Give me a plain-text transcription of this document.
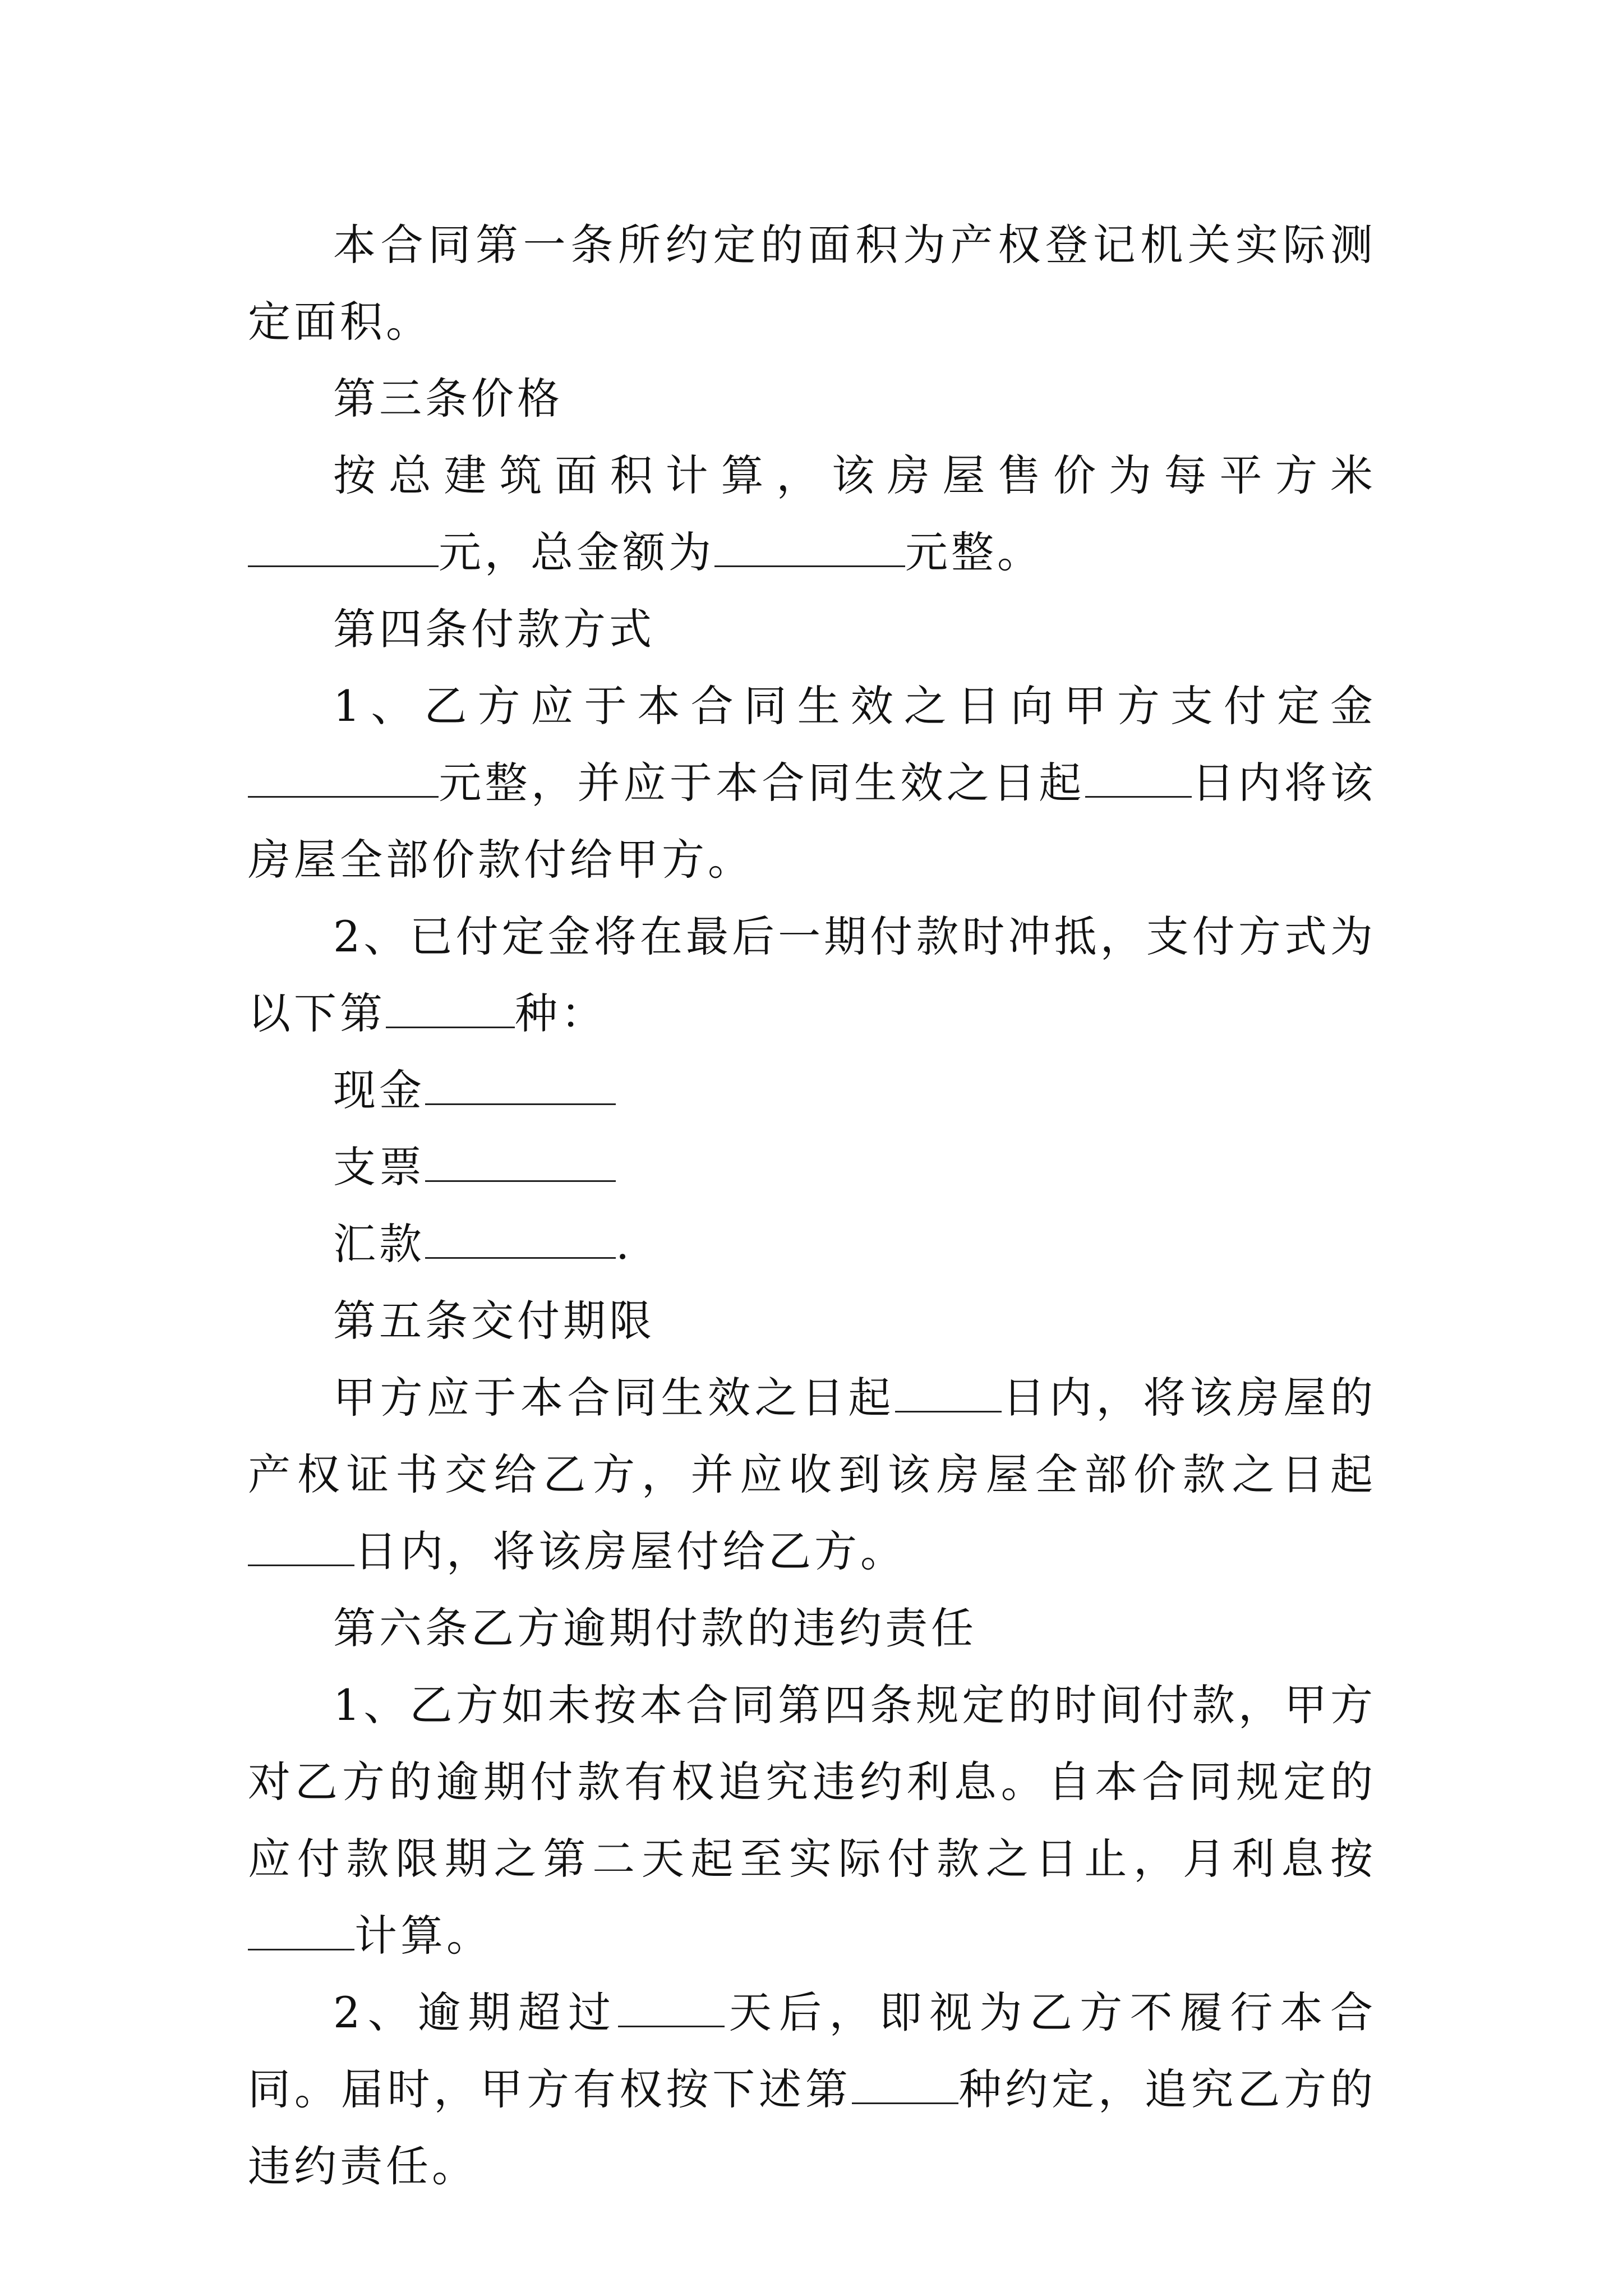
本合同第一条所约定的面积为产权登记机关实际测定面积。

第三条价格

按总建筑面积计算，该房屋售价为每平方米元，总金额为	元整。

第四条付款方式

1、乙方应于本合同生效之日向甲方支付定金元整，并应于本合同生效之日起	日内将该房屋全部价款付给甲方。

2、已付定金将在最后一期付款时冲抵，支付方式为以下第	种：

现金

支票

汇款	.

第五条交付期限

甲方应于本合同生效之日起	日内，将该房屋的产权证书交给乙方，并应收到该房屋全部价款之日起日内，将该房屋付给乙方。

第六条乙方逾期付款的违约责任

1、乙方如未按本合同第四条规定的时间付款，甲方对乙方的逾期付款有权追究违约利息。自本合同规定的应付款限期之第二天起至实际付款之日止，月利息按计算。

2、逾期超过	天后，即视为乙方不履行本合同。届时，甲方有权按下述第	种约定，追究乙方的违约责任。
